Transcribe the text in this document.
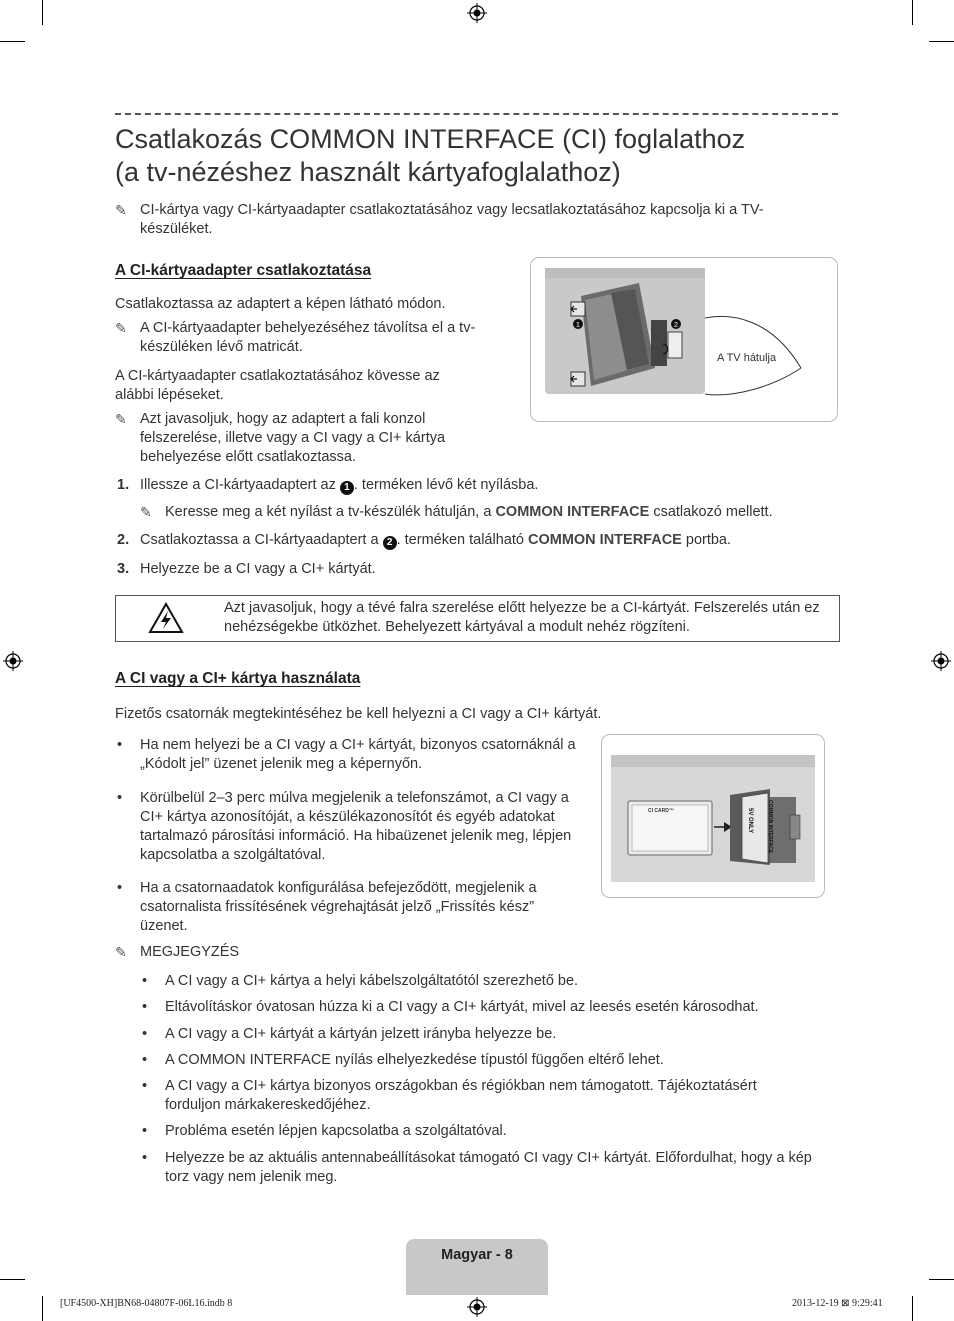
Csatlakozás COMMON INTERFACE (CI) foglalathoz
(a tv-nézéshez használt kártyafoglalathoz)
✎ CI-kártya vagy CI-kártyaadapter csatlakoztatásához vagy lecsatlakoztatásához kapcsolja ki a TV-készüléket.
A CI-kártyaadapter csatlakoztatása
Csatlakoztassa az adaptert a képen látható módon.
✎ A CI-kártyaadapter behelyezéséhez távolítsa el a tv-készüléken lévő matricát.
A CI-kártyaadapter csatlakoztatásához kövesse az alábbi lépéseket.
✎ Azt javasoljuk, hogy az adaptert a fali konzol felszerelése, illetve vagy a CI vagy a CI+ kártya behelyezése előtt csatlakoztassa.
1	2
A TV hátulja
1. Illessze a CI-kártyaadaptert az 1 . terméken lévő két nyílásba.
✎ Keresse meg a két nyílást a tv-készülék hátulján, a COMMON INTERFACE csatlakozó mellett.
2. Csatlakoztassa a CI-kártyaadaptert a 2 . terméken található COMMON INTERFACE portba.
3. Helyezze be a CI vagy a CI+ kártyát.
Azt javasoljuk, hogy a tévé falra szerelése előtt helyezze be a CI-kártyát. Felszerelés után ez nehézségekbe ütközhet. Behelyezett kártyával a modult nehéz rögzíteni.
A CI vagy a CI+ kártya használata
Fizetős csatornák megtekintéséhez be kell helyezni a CI vagy a CI+ kártyát.
• Ha nem helyezi be a CI vagy a CI+ kártyát, bizonyos csatornáknál a „Kódolt jel” üzenet jelenik meg a képernyőn.
• Körülbelül 2–3 perc múlva megjelenik a telefonszámot, a CI vagy a CI+ kártya azonosítóját, a készülékazonosítót és egyéb adatokat tartalmazó párosítási információ. Ha hibaüzenet jelenik meg, lépjen kapcsolatba a szolgáltatóval.
• Ha a csatornaadatok konfigurálása befejeződött, megjelenik a csatornalista frissítésének végrehajtását jelző „Frissítés kész” üzenet.
CI CARD™	COMMON INTERFACE
5V ONLY
✎ MEGJEGYZÉS
• A CI vagy a CI+ kártya a helyi kábelszolgáltatótól szerezhető be.
• Eltávolításkor óvatosan húzza ki a CI vagy a CI+ kártyát, mivel az leesés esetén károsodhat.
• A CI vagy a CI+ kártyát a kártyán jelzett irányba helyezze be.
• A COMMON INTERFACE nyílás elhelyezkedése típustól függően eltérő lehet.
• A CI vagy a CI+ kártya bizonyos országokban és régiókban nem támogatott. Tájékoztatásért forduljon márkakereskedőjéhez.
• Probléma esetén lépjen kapcsolatba a szolgáltatóval.
• Helyezze be az aktuális antennabeállításokat támogató CI vagy CI+ kártyát. Előfordulhat, hogy a kép torz vagy nem jelenik meg.
Magyar - 8
[UF4500-XH]BN68-04807F-06L16.indb 8	2013-12-19 ⊠ 9:29:41
